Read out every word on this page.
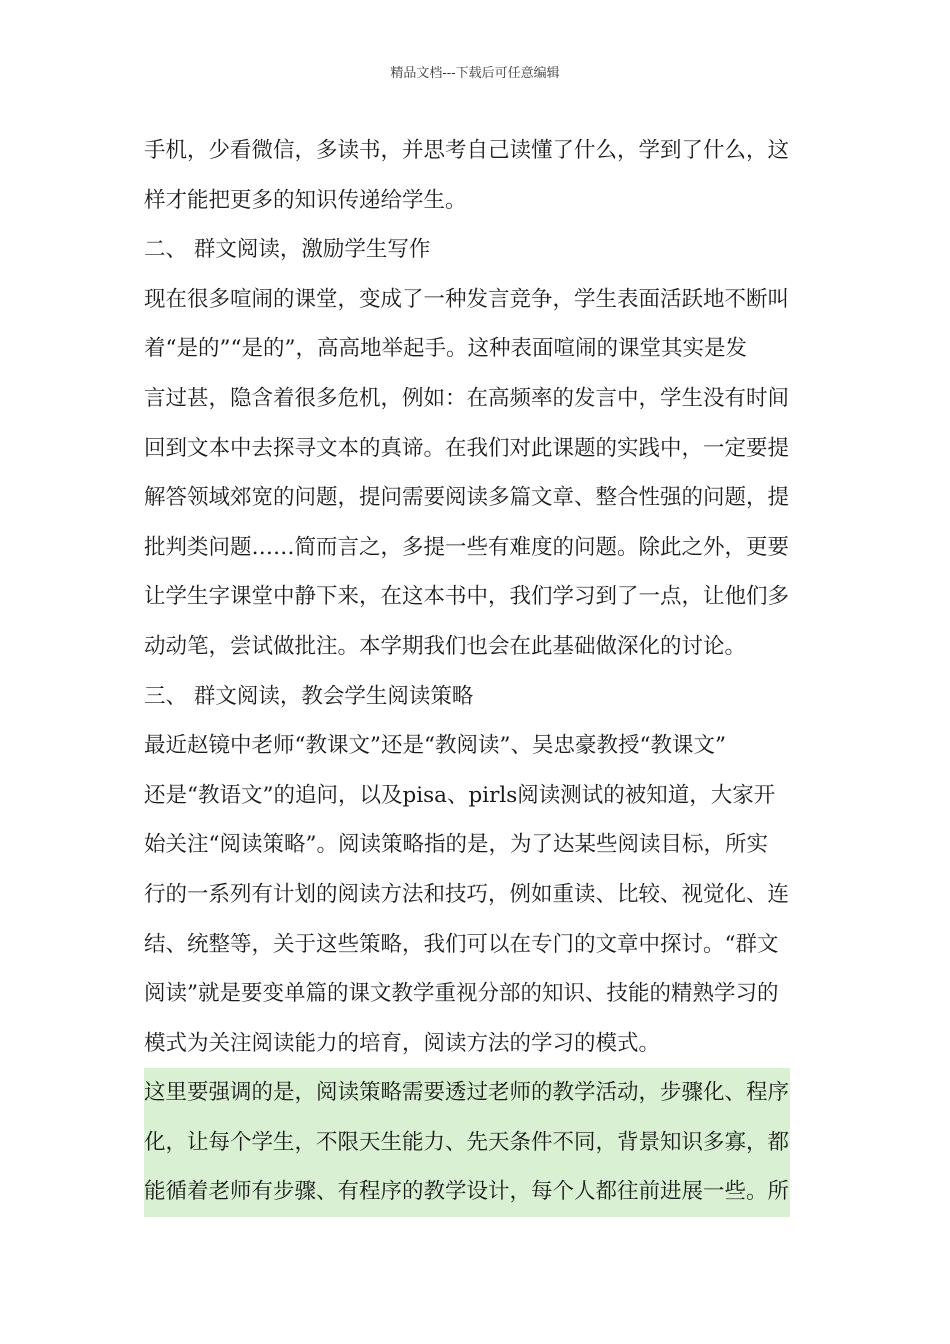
精品文档---下载后可任意编辑
手机，少看微信，多读书，并思考自己读懂了什么，学到了什么，这
样才能把更多的知识传递给学生。
二、 群文阅读，激励学生写作
现在很多喧闹的课堂，变成了一种发言竞争，学生表面活跃地不断叫
着“是的”“是的”，高高地举起手。这种表面喧闹的课堂其实是发
言过甚，隐含着很多危机，例如：在高频率的发言中，学生没有时间
回到文本中去探寻文本的真谛。在我们对此课题的实践中，一定要提
解答领域郊宽的问题，提问需要阅读多篇文章、整合性强的问题，提
批判类问题……简而言之，多提一些有难度的问题。除此之外，更要
让学生字课堂中静下来，在这本书中，我们学习到了一点，让他们多
动动笔，尝试做批注。本学期我们也会在此基础做深化的讨论。
三、 群文阅读，教会学生阅读策略
最近赵镜中老师“教课文”还是“教阅读”、吴忠豪教授“教课文”
还是“教语文”的追问，以及pisa、pirls阅读测试的被知道，大家开
始关注“阅读策略”。阅读策略指的是，为了达某些阅读目标，所实
行的一系列有计划的阅读方法和技巧，例如重读、比较、视觉化、连
结、统整等，关于这些策略，我们可以在专门的文章中探讨。“群文
阅读”就是要变单篇的课文教学重视分部的知识、技能的精熟学习的
模式为关注阅读能力的培育，阅读方法的学习的模式。
这里要强调的是，阅读策略需要透过老师的教学活动，步骤化、程序
化，让每个学生，不限天生能力、先天条件不同，背景知识多寡，都
能循着老师有步骤、有程序的教学设计，每个人都往前进展一些。所
